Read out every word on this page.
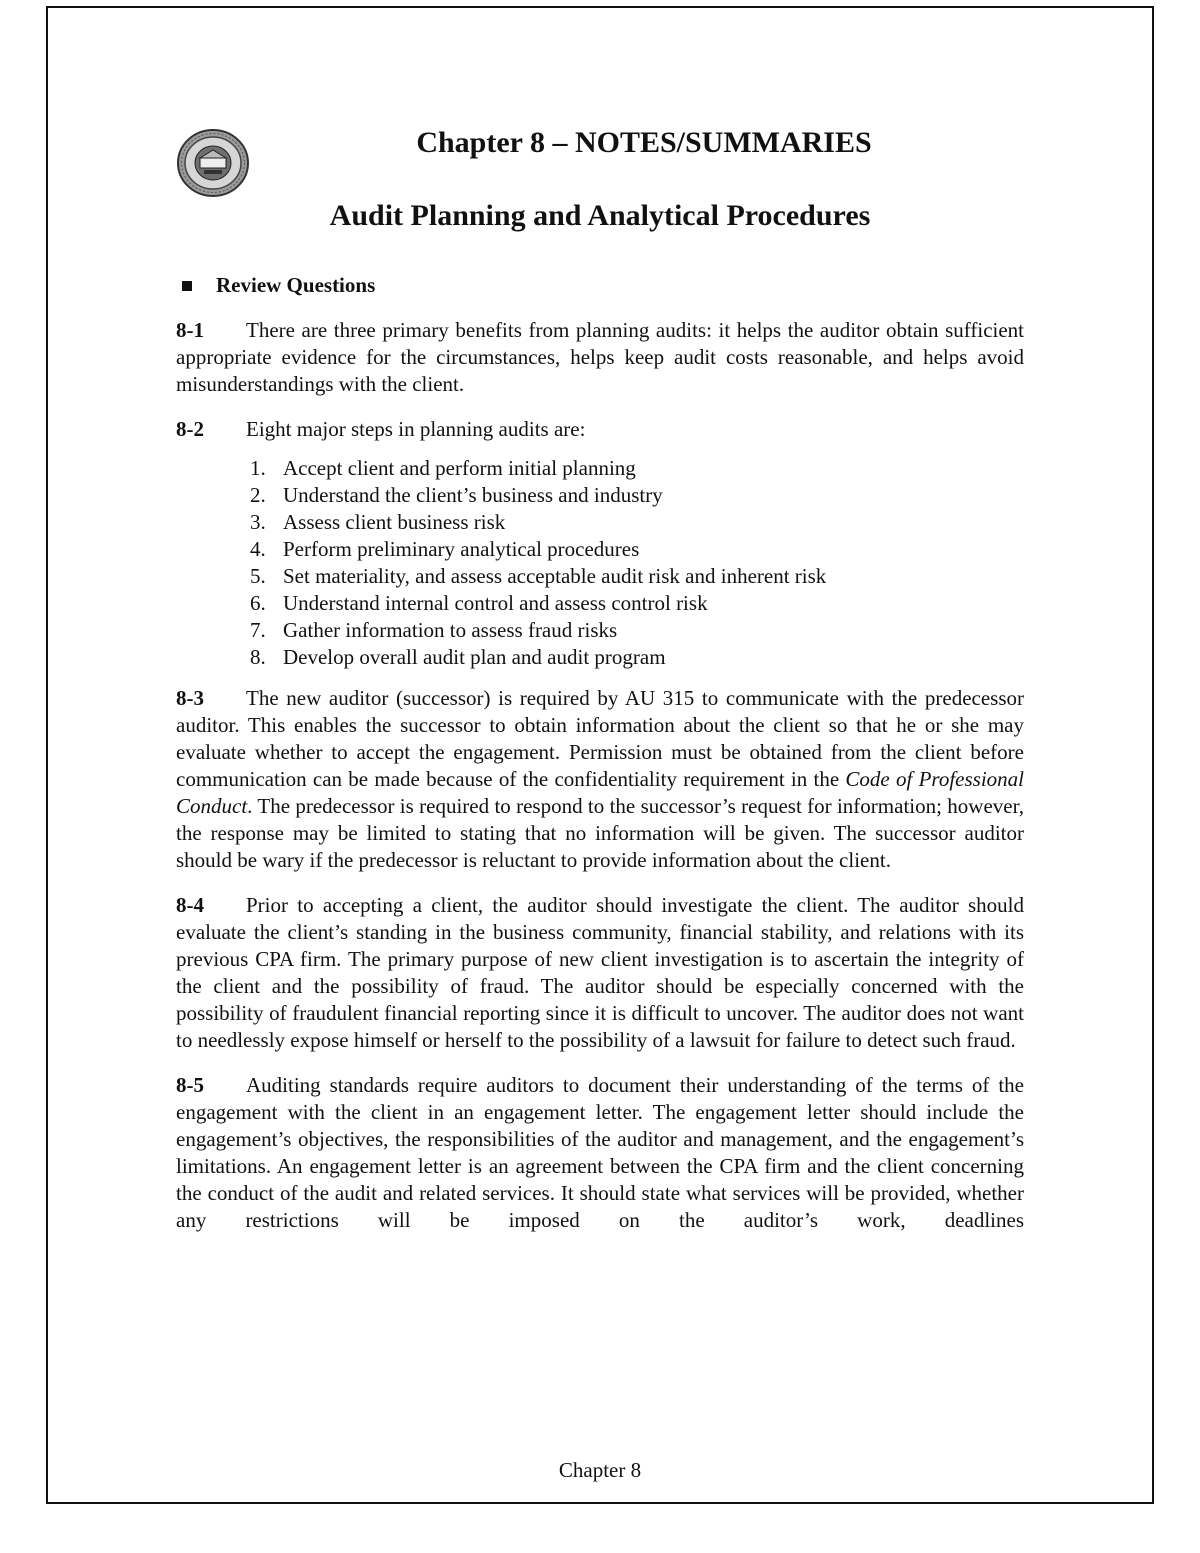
Chapter 8 – NOTES/SUMMARIES
Audit Planning and Analytical Procedures

Review Questions

8-1 There are three primary benefits from planning audits: it helps the auditor obtain sufficient appropriate evidence for the circumstances, helps keep audit costs reasonable, and helps avoid misunderstandings with the client.

8-2 Eight major steps in planning audits are:

1. Accept client and perform initial planning
2. Understand the client’s business and industry
3. Assess client business risk
4. Perform preliminary analytical procedures
5. Set materiality, and assess acceptable audit risk and inherent risk
6. Understand internal control and assess control risk
7. Gather information to assess fraud risks
8. Develop overall audit plan and audit program

8-3 The new auditor (successor) is required by AU 315 to communicate with the predecessor auditor. This enables the successor to obtain information about the client so that he or she may evaluate whether to accept the engagement. Permission must be obtained from the client before communication can be made because of the confidentiality requirement in the Code of Professional Conduct. The predecessor is required to respond to the successor’s request for information; however, the response may be limited to stating that no information will be given. The successor auditor should be wary if the predecessor is reluctant to provide information about the client.

8-4 Prior to accepting a client, the auditor should investigate the client. The auditor should evaluate the client’s standing in the business community, financial stability, and relations with its previous CPA firm. The primary purpose of new client investigation is to ascertain the integrity of the client and the possibility of fraud. The auditor should be especially concerned with the possibility of fraudulent financial reporting since it is difficult to uncover. The auditor does not want to needlessly expose himself or herself to the possibility of a lawsuit for failure to detect such fraud.

8-5 Auditing standards require auditors to document their understanding of the terms of the engagement with the client in an engagement letter. The engagement letter should include the engagement’s objectives, the responsibilities of the auditor and management, and the engagement’s limitations. An engagement letter is an agreement between the CPA firm and the client concerning the conduct of the audit and related services. It should state what services will be provided, whether any restrictions will be imposed on the auditor’s work, deadlines

Chapter 8
